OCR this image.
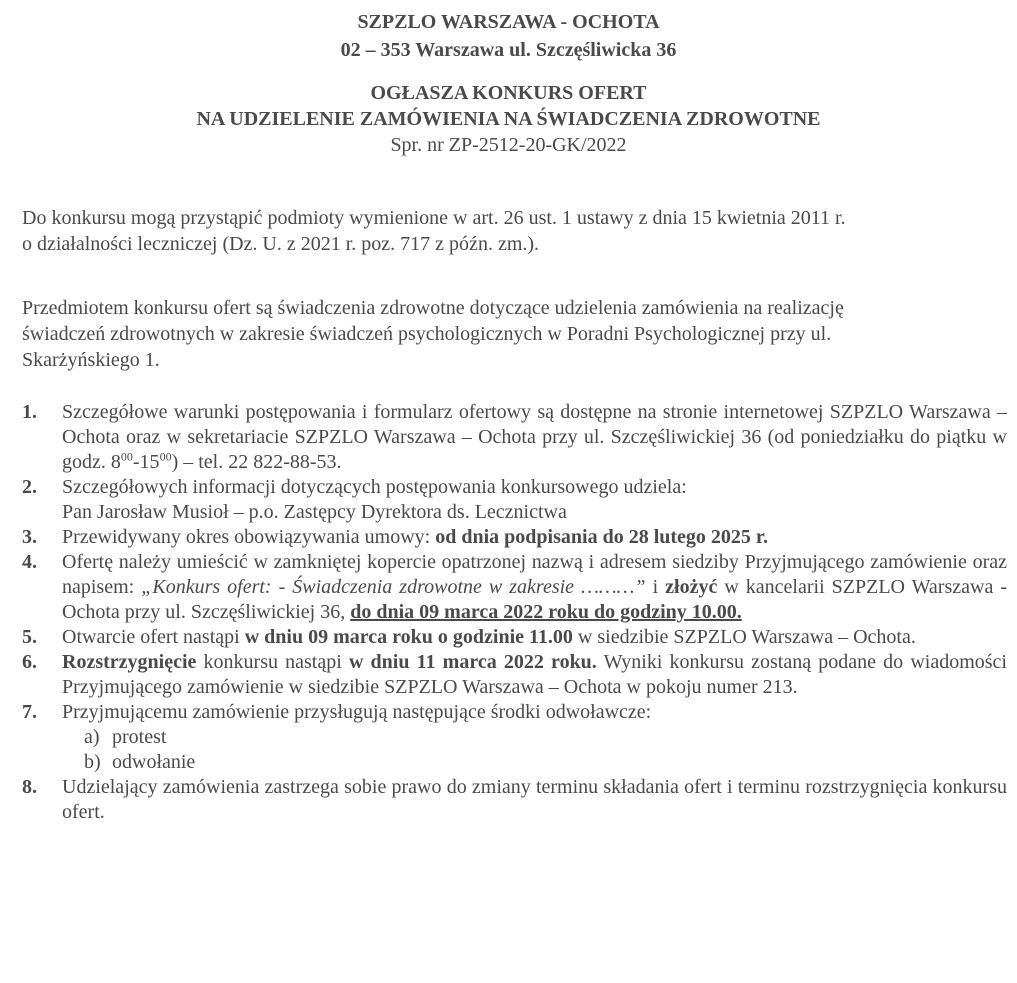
SZPZLO WARSZAWA - OCHOTA
02 – 353 Warszawa ul. Szczęśliwicka 36
OGŁASZA KONKURS OFERT
NA UDZIELENIE ZAMÓWIENIA NA ŚWIADCZENIA ZDROWOTNE
Spr. nr ZP-2512-20-GK/2022
Do konkursu mogą przystąpić podmioty wymienione w art. 26 ust. 1 ustawy z dnia 15 kwietnia 2011 r.
o działalności leczniczej (Dz. U. z 2021 r. poz. 717 z późn. zm.).
Przedmiotem konkursu ofert są świadczenia zdrowotne dotyczące udzielenia zamówienia na realizację
świadczeń zdrowotnych w zakresie świadczeń psychologicznych w Poradni Psychologicznej przy ul.
Skarżyńskiego 1.
1. Szczegółowe warunki postępowania i formularz ofertowy są dostępne na stronie internetowej SZPZLO Warszawa – Ochota oraz w sekretariacie SZPZLO Warszawa – Ochota przy ul. Szczęśliwickiej 36 (od poniedziałku do piątku w godz. $8^{00}-15^{00}$) – tel. 22 822-88-53.
2. Szczegółowych informacji dotyczących postępowania konkursowego udziela:
Pan Jarosław Musioł – p.o. Zastępcy Dyrektora ds. Lecznictwa
3. Przewidywany okres obowiązywania umowy: od dnia podpisania do 28 lutego 2025 r.
4. Ofertę należy umieścić w zamkniętej kopercie opatrzonej nazwą i adresem siedziby Przyjmującego zamówienie oraz napisem: „Konkurs ofert: - Świadczenia zdrowotne w zakresie ………” i złożyć w kancelarii SZPZLO Warszawa - Ochota przy ul. Szczęśliwickiej 36, do dnia 09 marca 2022 roku do godziny 10.00.
5. Otwarcie ofert nastąpi w dniu 09 marca roku o godzinie 11.00 w siedzibie SZPZLO Warszawa – Ochota.
6. Rozstrzygnięcie konkursu nastąpi w dniu 11 marca 2022 roku. Wyniki konkursu zostaną podane do wiadomości Przyjmującego zamówienie w siedzibie SZPZLO Warszawa – Ochota w pokoju numer 213.
7. Przyjmującemu zamówienie przysługują następujące środki odwoławcze:
a) protest
b) odwołanie
8. Udzielający zamówienia zastrzega sobie prawo do zmiany terminu składania ofert i terminu rozstrzygnięcia konkursu ofert.
